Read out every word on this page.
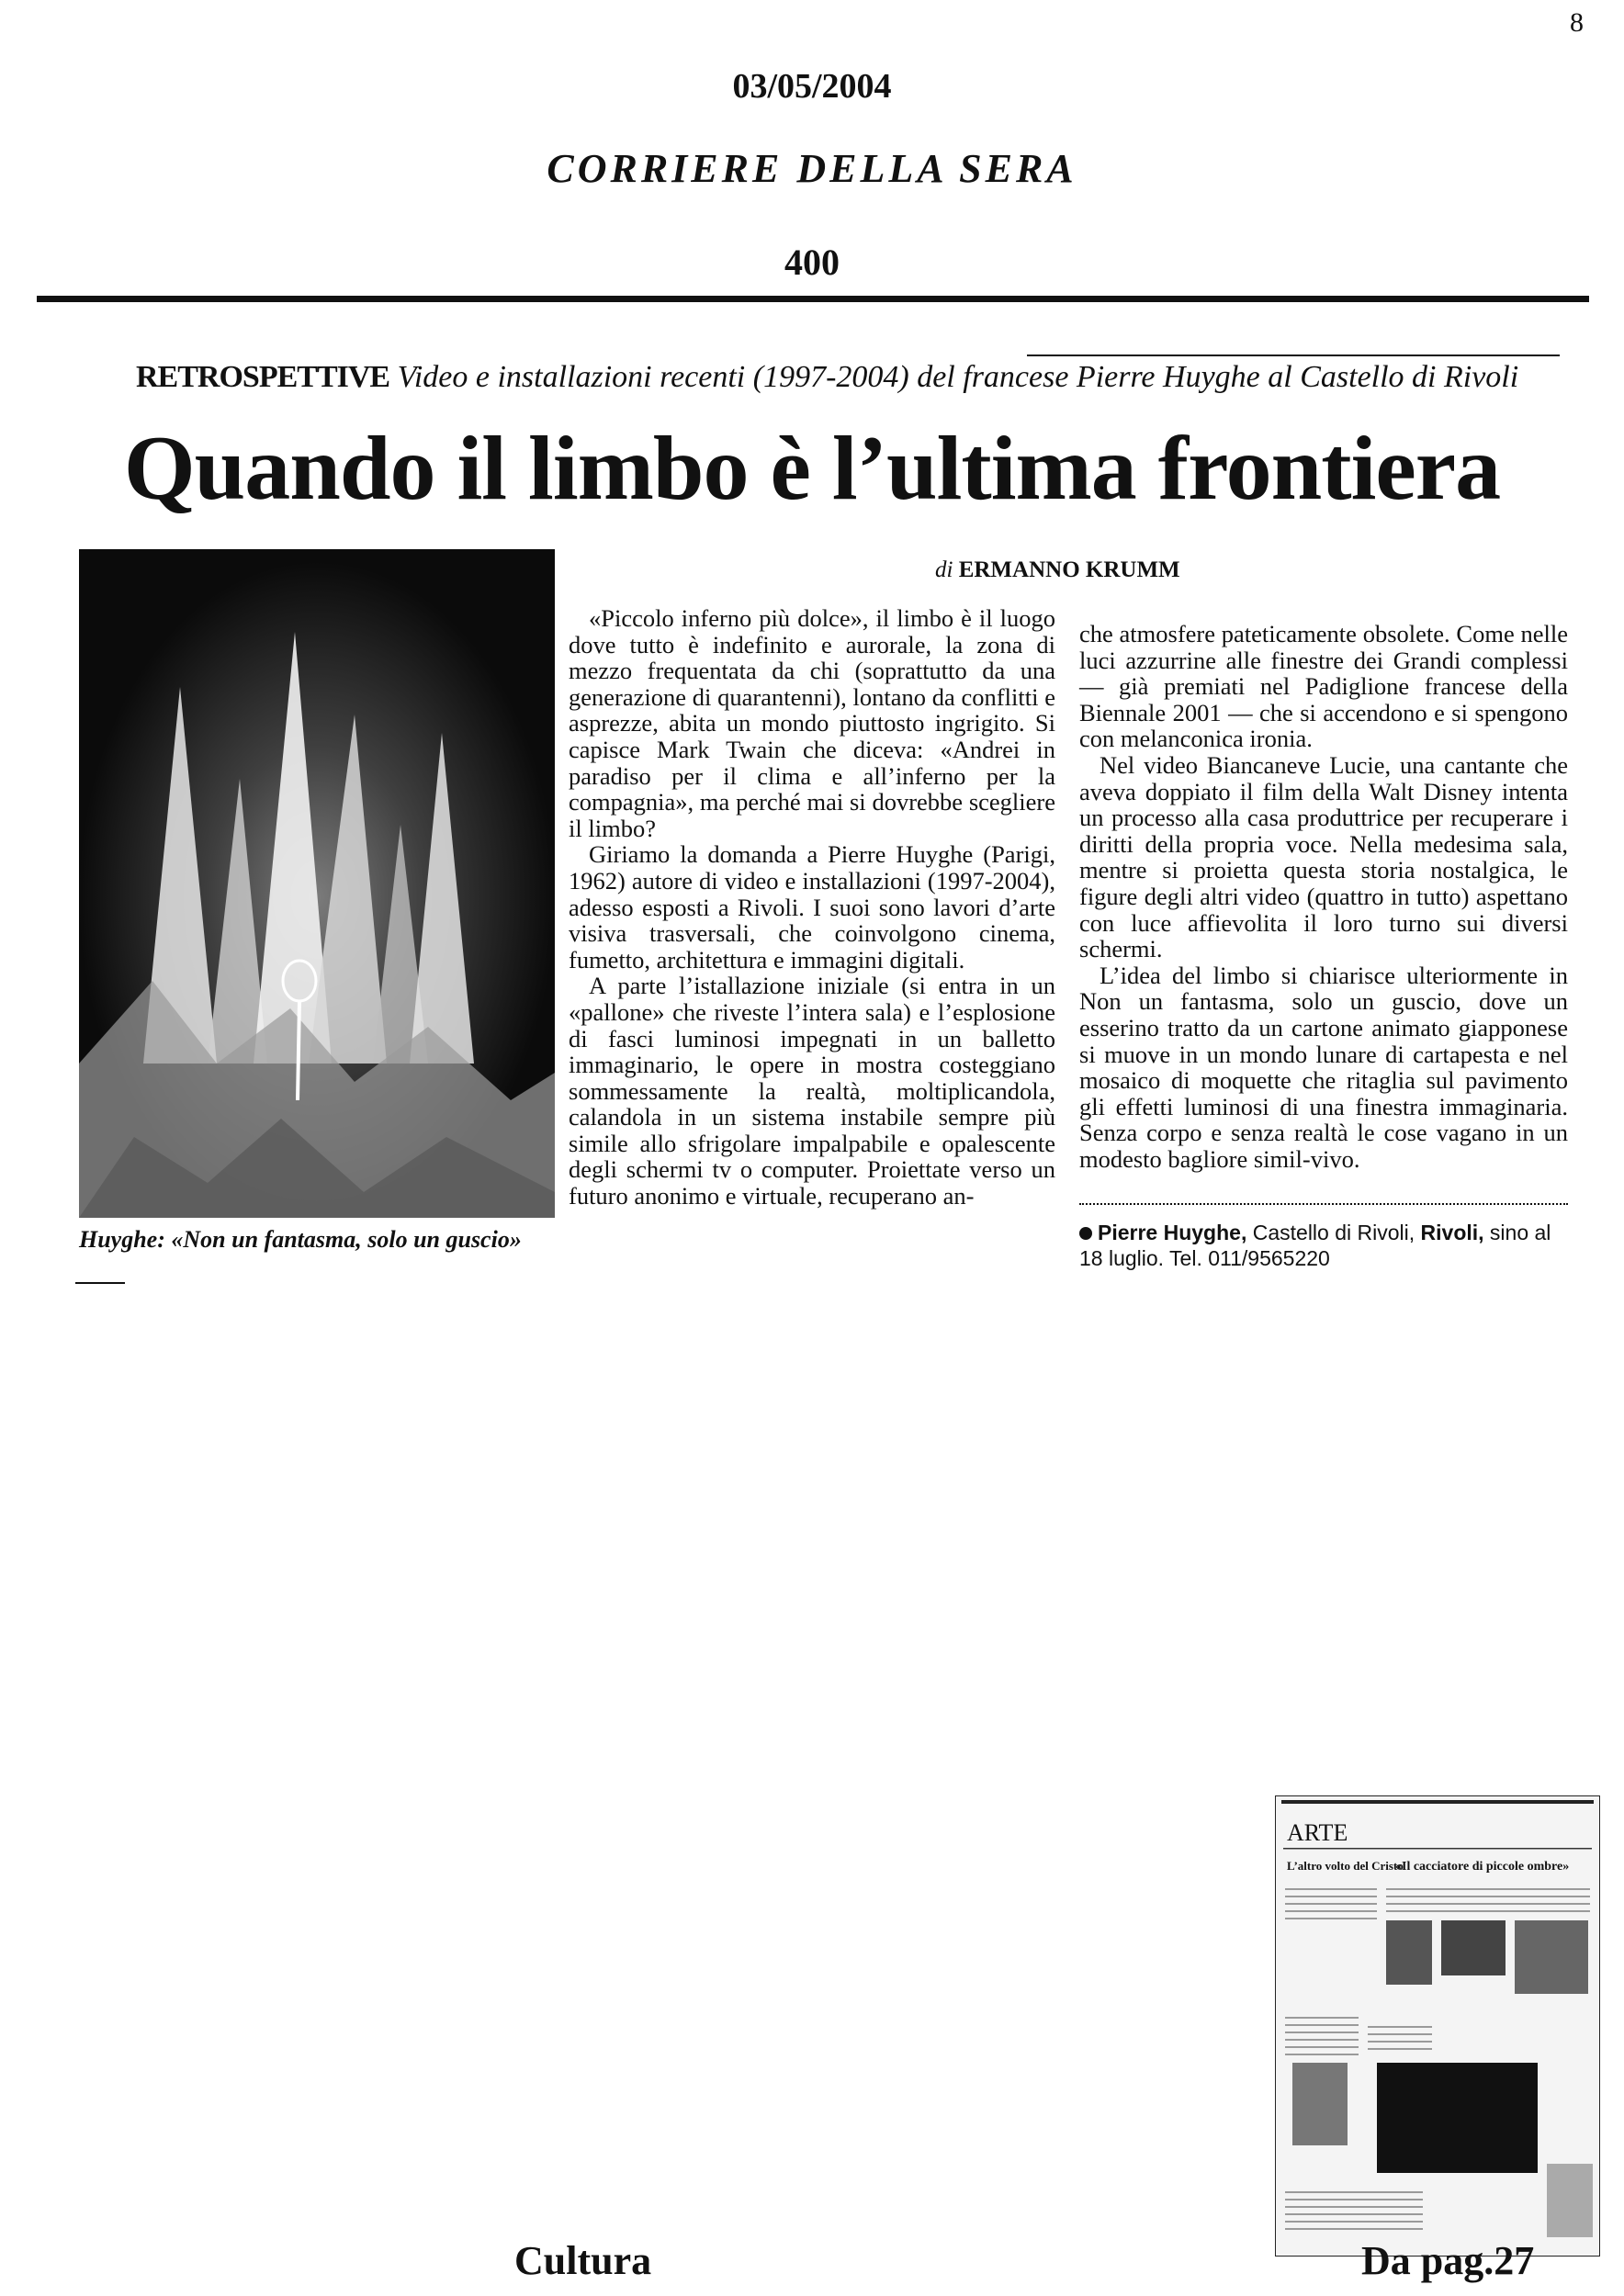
8
03/05/2004
CORRIERE DELLA SERA
400
RETROSPETTIVE Video e installazioni recenti (1997-2004) del francese Pierre Huyghe al Castello di Rivoli
Quando il limbo è l’ultima frontiera
Huyghe: «Non un fantasma, solo un guscio»
di ERMANNO KRUMM

«Piccolo inferno più dolce», il limbo è il luogo dove tutto è indefinito e aurorale, la zona di mezzo frequentata da chi (soprattutto da una generazione di quarantenni), lontano da conflitti e asprezze, abita un mondo piuttosto ingrigito. Si capisce Mark Twain che diceva: «Andrei in paradiso per il clima e all’inferno per la compagnia», ma perché mai si dovrebbe scegliere il limbo?

Giriamo la domanda a Pierre Huyghe (Parigi, 1962) autore di video e installazioni (1997-2004), adesso esposti a Rivoli. I suoi sono lavori d’arte visiva trasversali, che coinvolgono cinema, fumetto, architettura e immagini digitali.

A parte l’istallazione iniziale (si entra in un «pallone» che riveste l’intera sala) e l’esplosione di fasci luminosi impegnati in un balletto immaginario, le opere in mostra costeggiano sommessamente la realtà, moltiplicandola, calandola in un sistema instabile sempre più simile allo sfrigolare impalpabile e opalescente degli schermi tv o computer. Proiettate verso un futuro anonimo e virtuale, recuperano an-

che atmosfere pateticamente obsolete. Come nelle luci azzurrine alle finestre dei Grandi complessi — già premiati nel Padiglione francese della Biennale 2001 — che si accendono e si spengono con melanconica ironia.

Nel video Biancaneve Lucie, una cantante che aveva doppiato il film della Walt Disney intenta un processo alla casa produttrice per recuperare i diritti della propria voce. Nella medesima sala, mentre si proietta questa storia nostalgica, le figure degli altri video (quattro in tutto) aspettano con luce affievolita il loro turno sui diversi schermi.

L’idea del limbo si chiarisce ulteriormente in Non un fantasma, solo un guscio, dove un esserino tratto da un cartone animato giapponese si muove in un mondo lunare di cartapesta e nel mosaico di moquette che ritaglia sul pavimento gli effetti luminosi di una finestra immaginaria. Senza corpo e senza realtà le cose vagano in un modesto bagliore simil-vivo.

Pierre Huyghe, Castello di Rivoli, Rivoli, sino al 18 luglio. Tel. 011/9565220
ARTE
L’altro volto del Cristo
«Il cacciatore di piccole ombre»
Cultura	Da pag.27
